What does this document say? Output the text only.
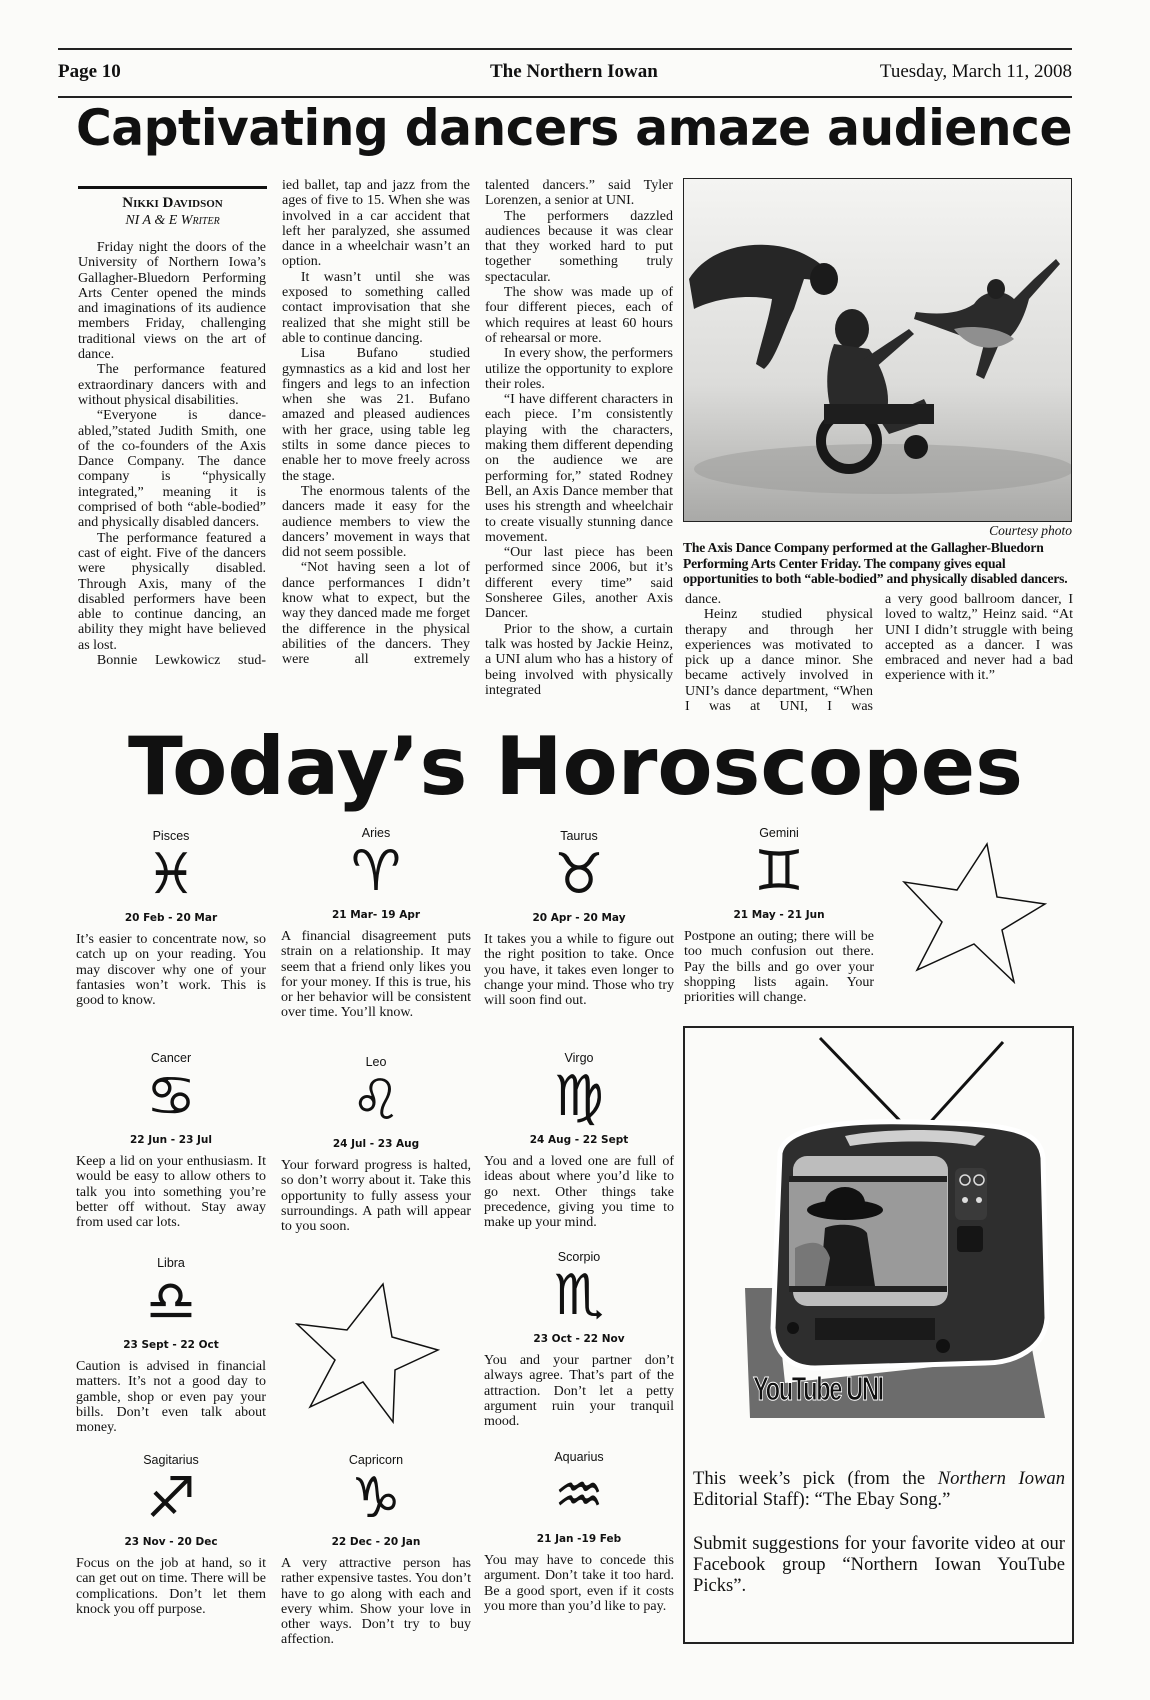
Page 10	The Northern Iowan	Tuesday, March 11, 2008
Captivating dancers amaze audience
Nikki Davidson
NI A & E Writer

Friday night the doors of the University of Northern Iowa’s Gallagher-Bluedorn Performing Arts Center opened the minds and imaginations of its audience members Friday, challenging traditional views on the art of dance.

The performance featured extraordinary dancers with and without physical disabilities.

“Everyone is dance-abled,”stated Judith Smith, one of the co-founders of the Axis Dance Company. The dance company is “physically integrated,” meaning it is comprised of both “able-bodied” and physically disabled dancers.

The performance featured a cast of eight. Five of the dancers were physically disabled. Through Axis, many of the disabled performers have been able to continue dancing, an ability they might have believed as lost.

Bonnie Lewkowicz stud-

ied ballet, tap and jazz from the ages of five to 15. When she was involved in a car accident that left her paralyzed, she assumed dance in a wheelchair wasn’t an option.

It wasn’t until she was exposed to something called contact improvisation that she realized that she might still be able to continue dancing.

Lisa Bufano studied gymnastics as a kid and lost her fingers and legs to an infection when she was 21. Bufano amazed and pleased audiences with her grace, using table leg stilts in some dance pieces to enable her to move freely across the stage.

The enormous talents of the dancers made it easy for the audience members to view the dancers’ movement in ways that did not seem possible.

“Not having seen a lot of dance performances I didn’t know what to expect, but the way they danced made me forget the difference in the physical abilities of the dancers. They were all extremely

talented dancers.” said Tyler Lorenzen, a senior at UNI.

The performers dazzled audiences because it was clear that they worked hard to put together something truly spectacular.

The show was made up of four different pieces, each of which requires at least 60 hours of rehearsal or more.

In every show, the performers utilize the opportunity to explore their roles.

“I have different characters in each piece. I’m consistently playing with the characters, making them different depending on the audience we are performing for,” stated Rodney Bell, an Axis Dance member that uses his strength and wheelchair to create visually stunning dance movement.

“Our last piece has been performed since 2006, but it’s different every time” said Sonsheree Giles, another Axis Dancer.

Prior to the show, a curtain talk was hosted by Jackie Heinz, a UNI alum who has a history of being involved with physically integrated

Courtesy photo
The Axis Dance Company performed at the Gallagher-Bluedorn Performing Arts Center Friday. The company gives equal opportunities to both “able-bodied” and physically disabled dancers.

dance.

Heinz studied physical therapy and through her experiences was motivated to pick up a dance minor. She became actively involved in UNI’s dance department, “When I was at UNI, I was

a very good ballroom dancer, I loved to waltz,” Heinz said. “At UNI I didn’t struggle with being accepted as a dancer. I was embraced and never had a bad experience with it.”

Today’s Horoscopes
Pisces
♓︎
20 Feb - 20 Mar
It’s easier to concentrate now, so catch up on your reading. You may discover why one of your fantasies won’t work. This is good to know.
Aries
♈︎
21 Mar- 19 Apr
A financial disagreement puts strain on a relationship. It may seem that a friend only likes you for your money. If this is true, his or her behavior will be consistent over time. You’ll know.
Taurus
♉︎
20 Apr - 20 May
It takes you a while to figure out the right position to take. Once you have, it takes even longer to change your mind. Those who try will soon find out.
Gemini
♊︎
21 May - 21 Jun
Postpone an outing; there will be too much confusion out there. Pay the bills and go over your shopping lists again. Your priorities will change.
Cancer
♋︎
22 Jun - 23 Jul
Keep a lid on your enthusiasm. It would be easy to allow others to talk you into something you’re better off without. Stay away from used car lots.
Leo
♌︎
24 Jul - 23 Aug
Your forward progress is halted, so don’t worry about it. Take this opportunity to fully assess your surroundings. A path will appear to you soon.
Virgo
♍︎
24 Aug - 22 Sept
You and a loved one are full of ideas about where you’d like to go next. Other things take precedence, giving you time to make up your mind.
Libra
♎︎
23 Sept - 22 Oct
Caution is advised in financial matters. It’s not a good day to gamble, shop or even pay your bills. Don’t even talk about money.
Scorpio
♏︎
23 Oct - 22 Nov
You and your partner don’t always agree. That’s part of the attraction. Don’t let a petty argument ruin your tranquil mood.
Sagitarius
♐︎
23 Nov - 20 Dec
Focus on the job at hand, so it can get out on time. There will be complications. Don’t let them knock you off purpose.
Capricorn
♑︎
22 Dec - 20 Jan
A very attractive person has rather expensive tastes. You don’t have to go along with each and every whim. Show your love in other ways. Don’t try to buy affection.
Aquarius
♒︎
21 Jan -19 Feb
You may have to concede this argument. Don’t take it too hard. Be a good sport, even if it costs you more than you’d like to pay.
YouTube UNI
This week’s pick (from the Northern Iowan Editorial Staff): “The Ebay Song.”
Submit suggestions for your favorite video at our Facebook group “Northern Iowan YouTube Picks”.
